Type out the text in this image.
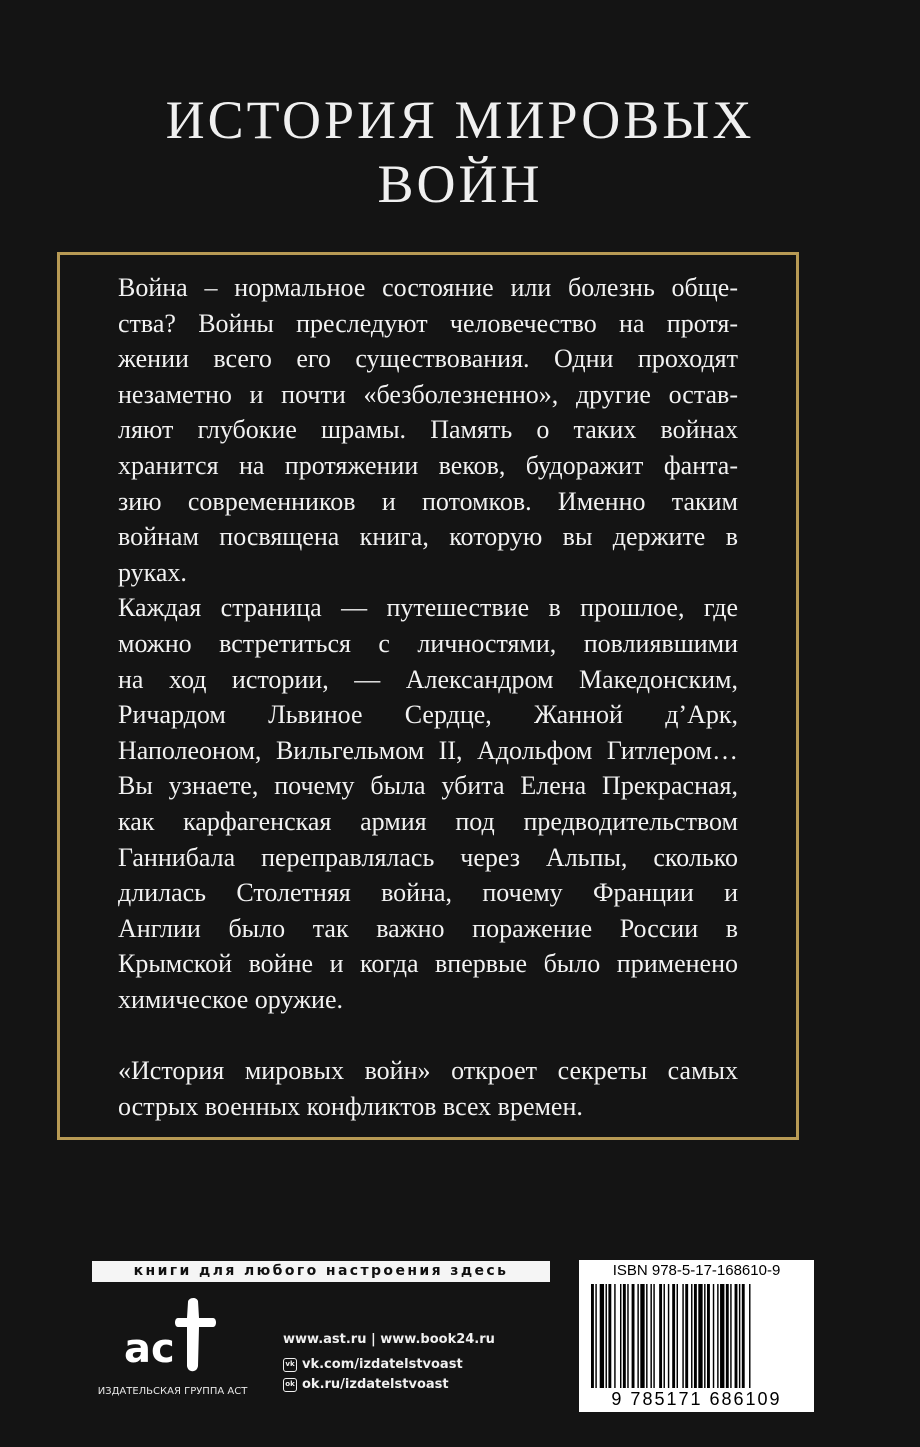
ИСТОРИЯ МИРОВЫХ
ВОЙН
Война – нормальное состояние или болезнь обще-
ства? Войны преследуют человечество на протя-
жении всего его существования. Одни проходят
незаметно и почти «безболезненно», другие остав-
ляют глубокие шрамы. Память о таких войнах
хранится на протяжении веков, будоражит фанта-
зию современников и потомков. Именно таким
войнам посвящена книга, которую вы держите в
руках.
Каждая страница — путешествие в прошлое, где
можно встретиться с личностями, повлиявшими
на ход истории, — Александром Македонским,
Ричардом Львиное Сердце, Жанной д’Арк,
Наполеоном, Вильгельмом II, Адольфом Гитлером…
Вы узнаете, почему была убита Елена Прекрасная,
как карфагенская армия под предводительством
Ганнибала переправлялась через Альпы, сколько
длилась Столетняя война, почему Франции и
Англии было так важно поражение России в
Крымской войне и когда впервые было применено
химическое оружие.
«История мировых войн» откроет секреты самых
острых военных конфликтов всех времен.
книги для любого настроения здесь
ac
ИЗДАТЕЛЬСКАЯ ГРУППА АСТ
www.ast.ru | www.book24.ru
vk vk.com/izdatelstvoast
ok ok.ru/izdatelstvoast
ISBN 978-5-17-168610-9
9 785171 686109
